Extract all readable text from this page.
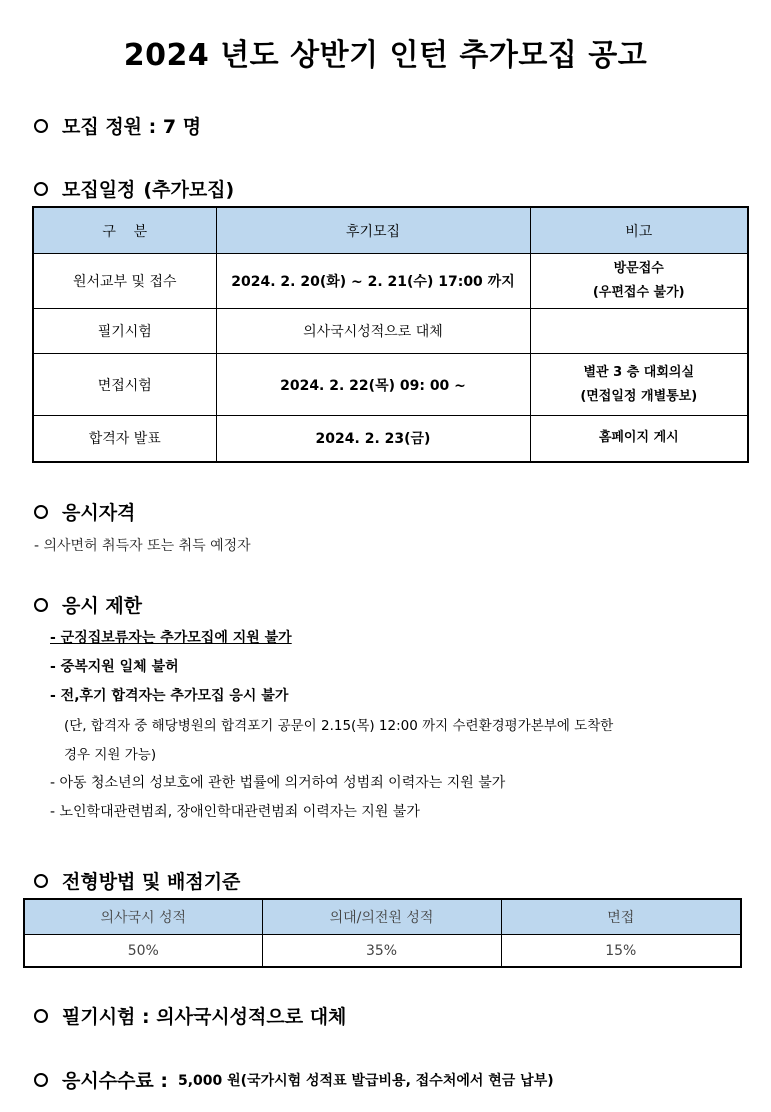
2024 년도 상반기 인턴 추가모집 공고
모집 정원 : 7 명
모집일정 (추가모집)
구    분	후기모집	비고
원서교부 및 접수	2024. 2. 20(화) ~ 2. 21(수) 17:00 까지	방문접수
(우편접수 불가)

필기시험	의사국시성적으로 대체	
면접시험	2024. 2. 22(목) 09: 00 ~	별관 3 층 대회의실
(면접일정 개별통보)

합격자 발표	2024. 2. 23(금)	홈페이지 게시
응시자격
- 의사면허 취득자 또는 취득 예정자
응시 제한
- 군징집보류자는 추가모집에 지원 불가
- 중복지원 일체 불허
- 전,후기 합격자는 추가모집 응시 불가
(단, 합격자 중 해당병원의 합격포기 공문이 2.15(목) 12:00 까지 수련환경평가본부에 도착한
경우 지원 가능)
- 아동 청소년의 성보호에 관한 법률에 의거하여 성범죄 이력자는 지원 불가
- 노인학대관련범죄, 장애인학대관련범죄 이력자는 지원 불가
전형방법 및 배점기준
의사국시 성적	의대/의전원 성적	면접
50%	35%	15%
필기시험 : 의사국시성적으로 대체
응시수수료 : 5,000 원(국가시험 성적표 발급비용, 접수처에서 현금 납부)
